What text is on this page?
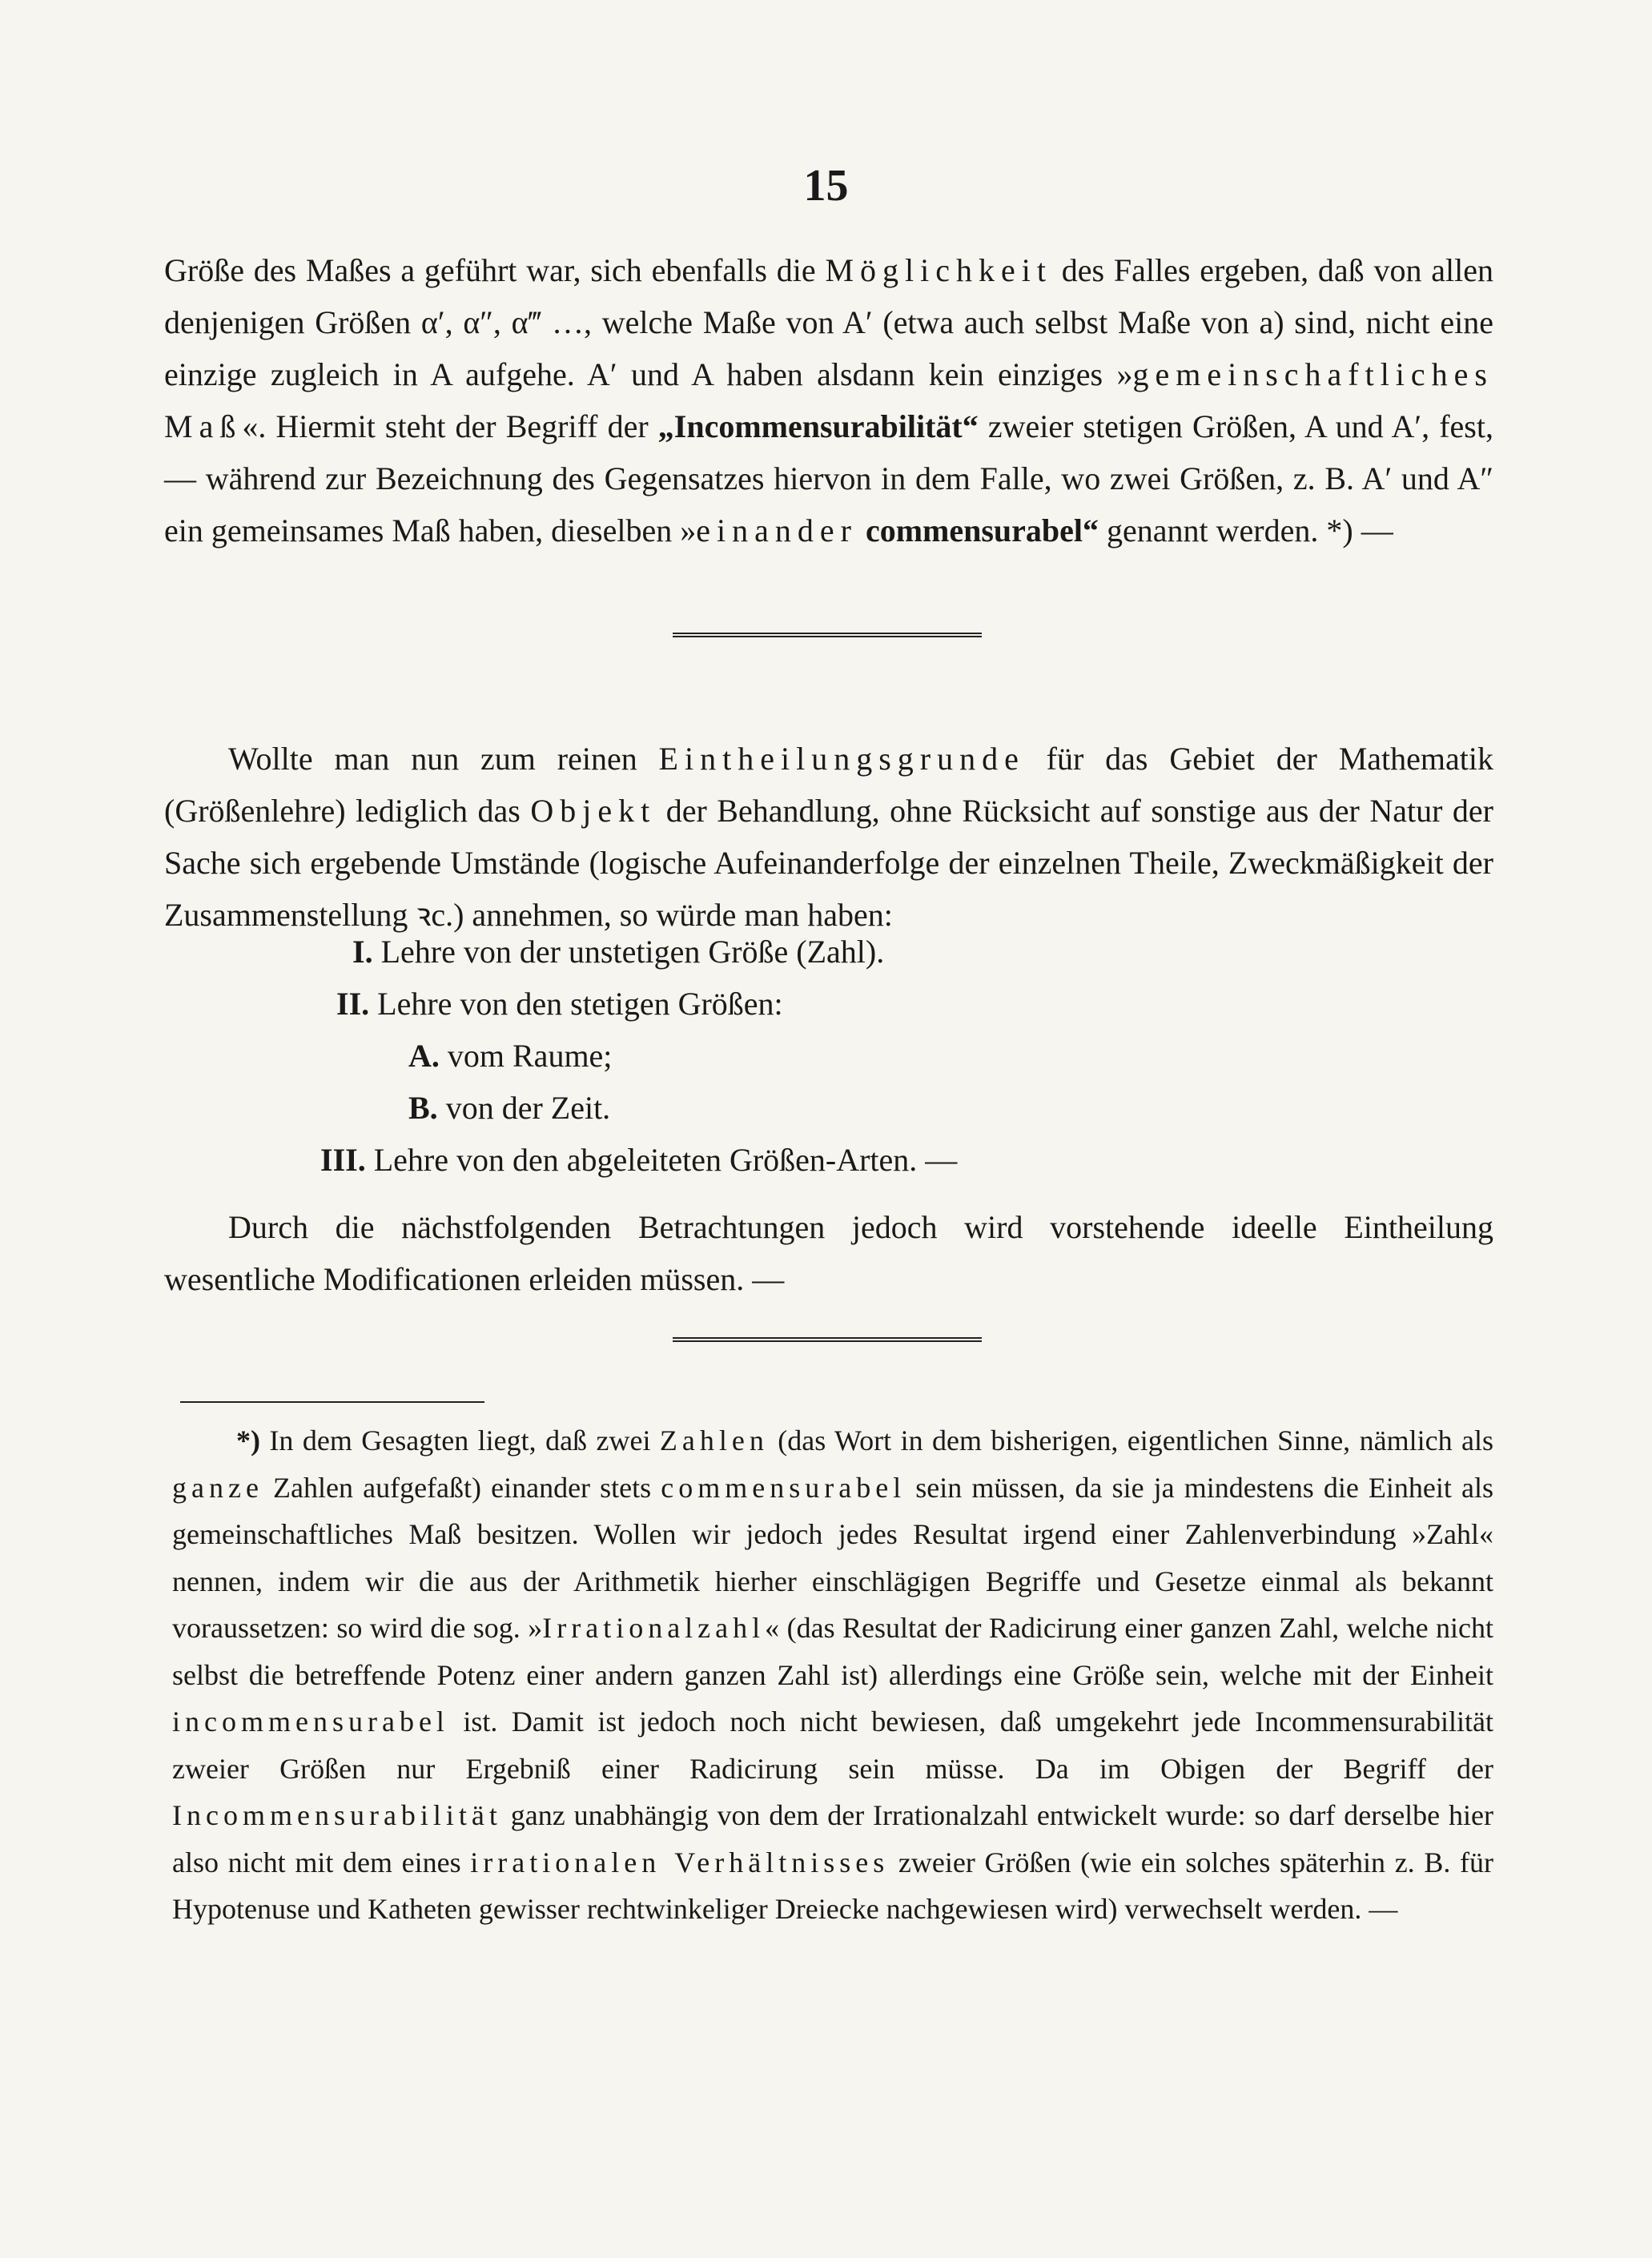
15

Größe des Maßes a geführt war, sich ebenfalls die Möglichkeit des Falles ergeben, daß von allen denjenigen Größen α′, α″, α‴ …, welche Maße von A′ (etwa auch selbst Maße von a) sind, nicht eine einzige zugleich in A aufgehe. A′ und A haben alsdann kein einziges »gemeinschaftliches Maß«. Hiermit steht der Begriff der „Incommensurabilität“ zweier stetigen Größen, A und A′, fest, — während zur Bezeichnung des Gegensatzes hiervon in dem Falle, wo zwei Größen, z. B. A′ und A″ ein gemeinsames Maß haben, dieselben »einander commensurabel“ genannt werden. *) —

Wollte man nun zum reinen Eintheilungsgrunde für das Gebiet der Mathematik (Größenlehre) lediglich das Objekt der Behandlung, ohne Rücksicht auf sonstige aus der Natur der Sache sich ergebende Umstände (logische Aufeinanderfolge der einzelnen Theile, Zweckmäßigkeit der Zusammenstellung ꝛc.) annehmen, so würde man haben:

I. Lehre von der unstetigen Größe (Zahl).
II. Lehre von den stetigen Größen:
A. vom Raume;
B. von der Zeit.
III. Lehre von den abgeleiteten Größen-Arten. —

Durch die nächstfolgenden Betrachtungen jedoch wird vorstehende ideelle Eintheilung wesentliche Modificationen erleiden müssen. —

*) In dem Gesagten liegt, daß zwei Zahlen (das Wort in dem bisherigen, eigentlichen Sinne, nämlich als ganze Zahlen aufgefaßt) einander stets commensurabel sein müssen, da sie ja mindestens die Einheit als gemeinschaftliches Maß besitzen. Wollen wir jedoch jedes Resultat irgend einer Zahlenverbindung »Zahl« nennen, indem wir die aus der Arithmetik hierher einschlägigen Begriffe und Gesetze einmal als bekannt voraussetzen: so wird die sog. »Irrationalzahl« (das Resultat der Radicirung einer ganzen Zahl, welche nicht selbst die betreffende Potenz einer andern ganzen Zahl ist) allerdings eine Größe sein, welche mit der Einheit incommensurabel ist. Damit ist jedoch noch nicht bewiesen, daß umgekehrt jede Incommensurabilität zweier Größen nur Ergebniß einer Radicirung sein müsse. Da im Obigen der Begriff der Incommensurabilität ganz unabhängig von dem der Irrationalzahl entwickelt wurde: so darf derselbe hier also nicht mit dem eines irrationalen Verhältnisses zweier Größen (wie ein solches späterhin z. B. für Hypotenuse und Katheten gewisser rechtwinkeliger Dreiecke nachgewiesen wird) verwechselt werden. —
